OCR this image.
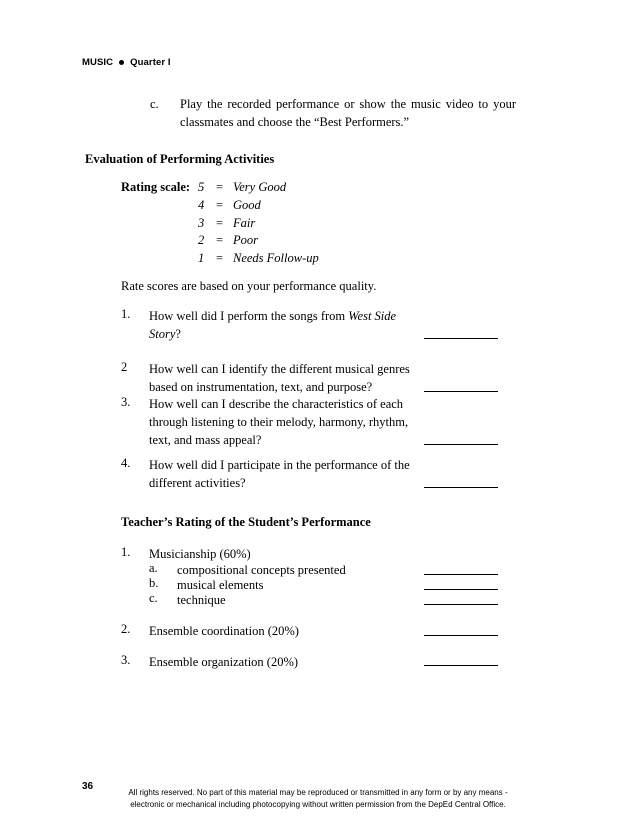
MUSIC Quarter I
c. Play the recorded performance or show the music video to your classmates and choose the “Best Performers.”
Evaluation of Performing Activities
Rating scale: 5 = Very Good
4 = Good
3 = Fair
2 = Poor
1 = Needs Follow-up
Rate scores are based on your performance quality.
1. How well did I perform the songs from West Side Story?
2 How well can I identify the different musical genres based on instrumentation, text, and purpose?
3. How well can I describe the characteristics of each through listening to their melody, harmony, rhythm, text, and mass appeal?
4. How well did I participate in the performance of the different activities?
Teacher’s Rating of the Student’s Performance
1. Musicianship (60%)
a. compositional concepts presented
b. musical elements
c. technique
2. Ensemble coordination (20%)
3. Ensemble organization (20%)
36
All rights reserved. No part of this material may be reproduced or transmitted in any form or by any means -
electronic or mechanical including photocopying without written permission from the DepEd Central Office.
